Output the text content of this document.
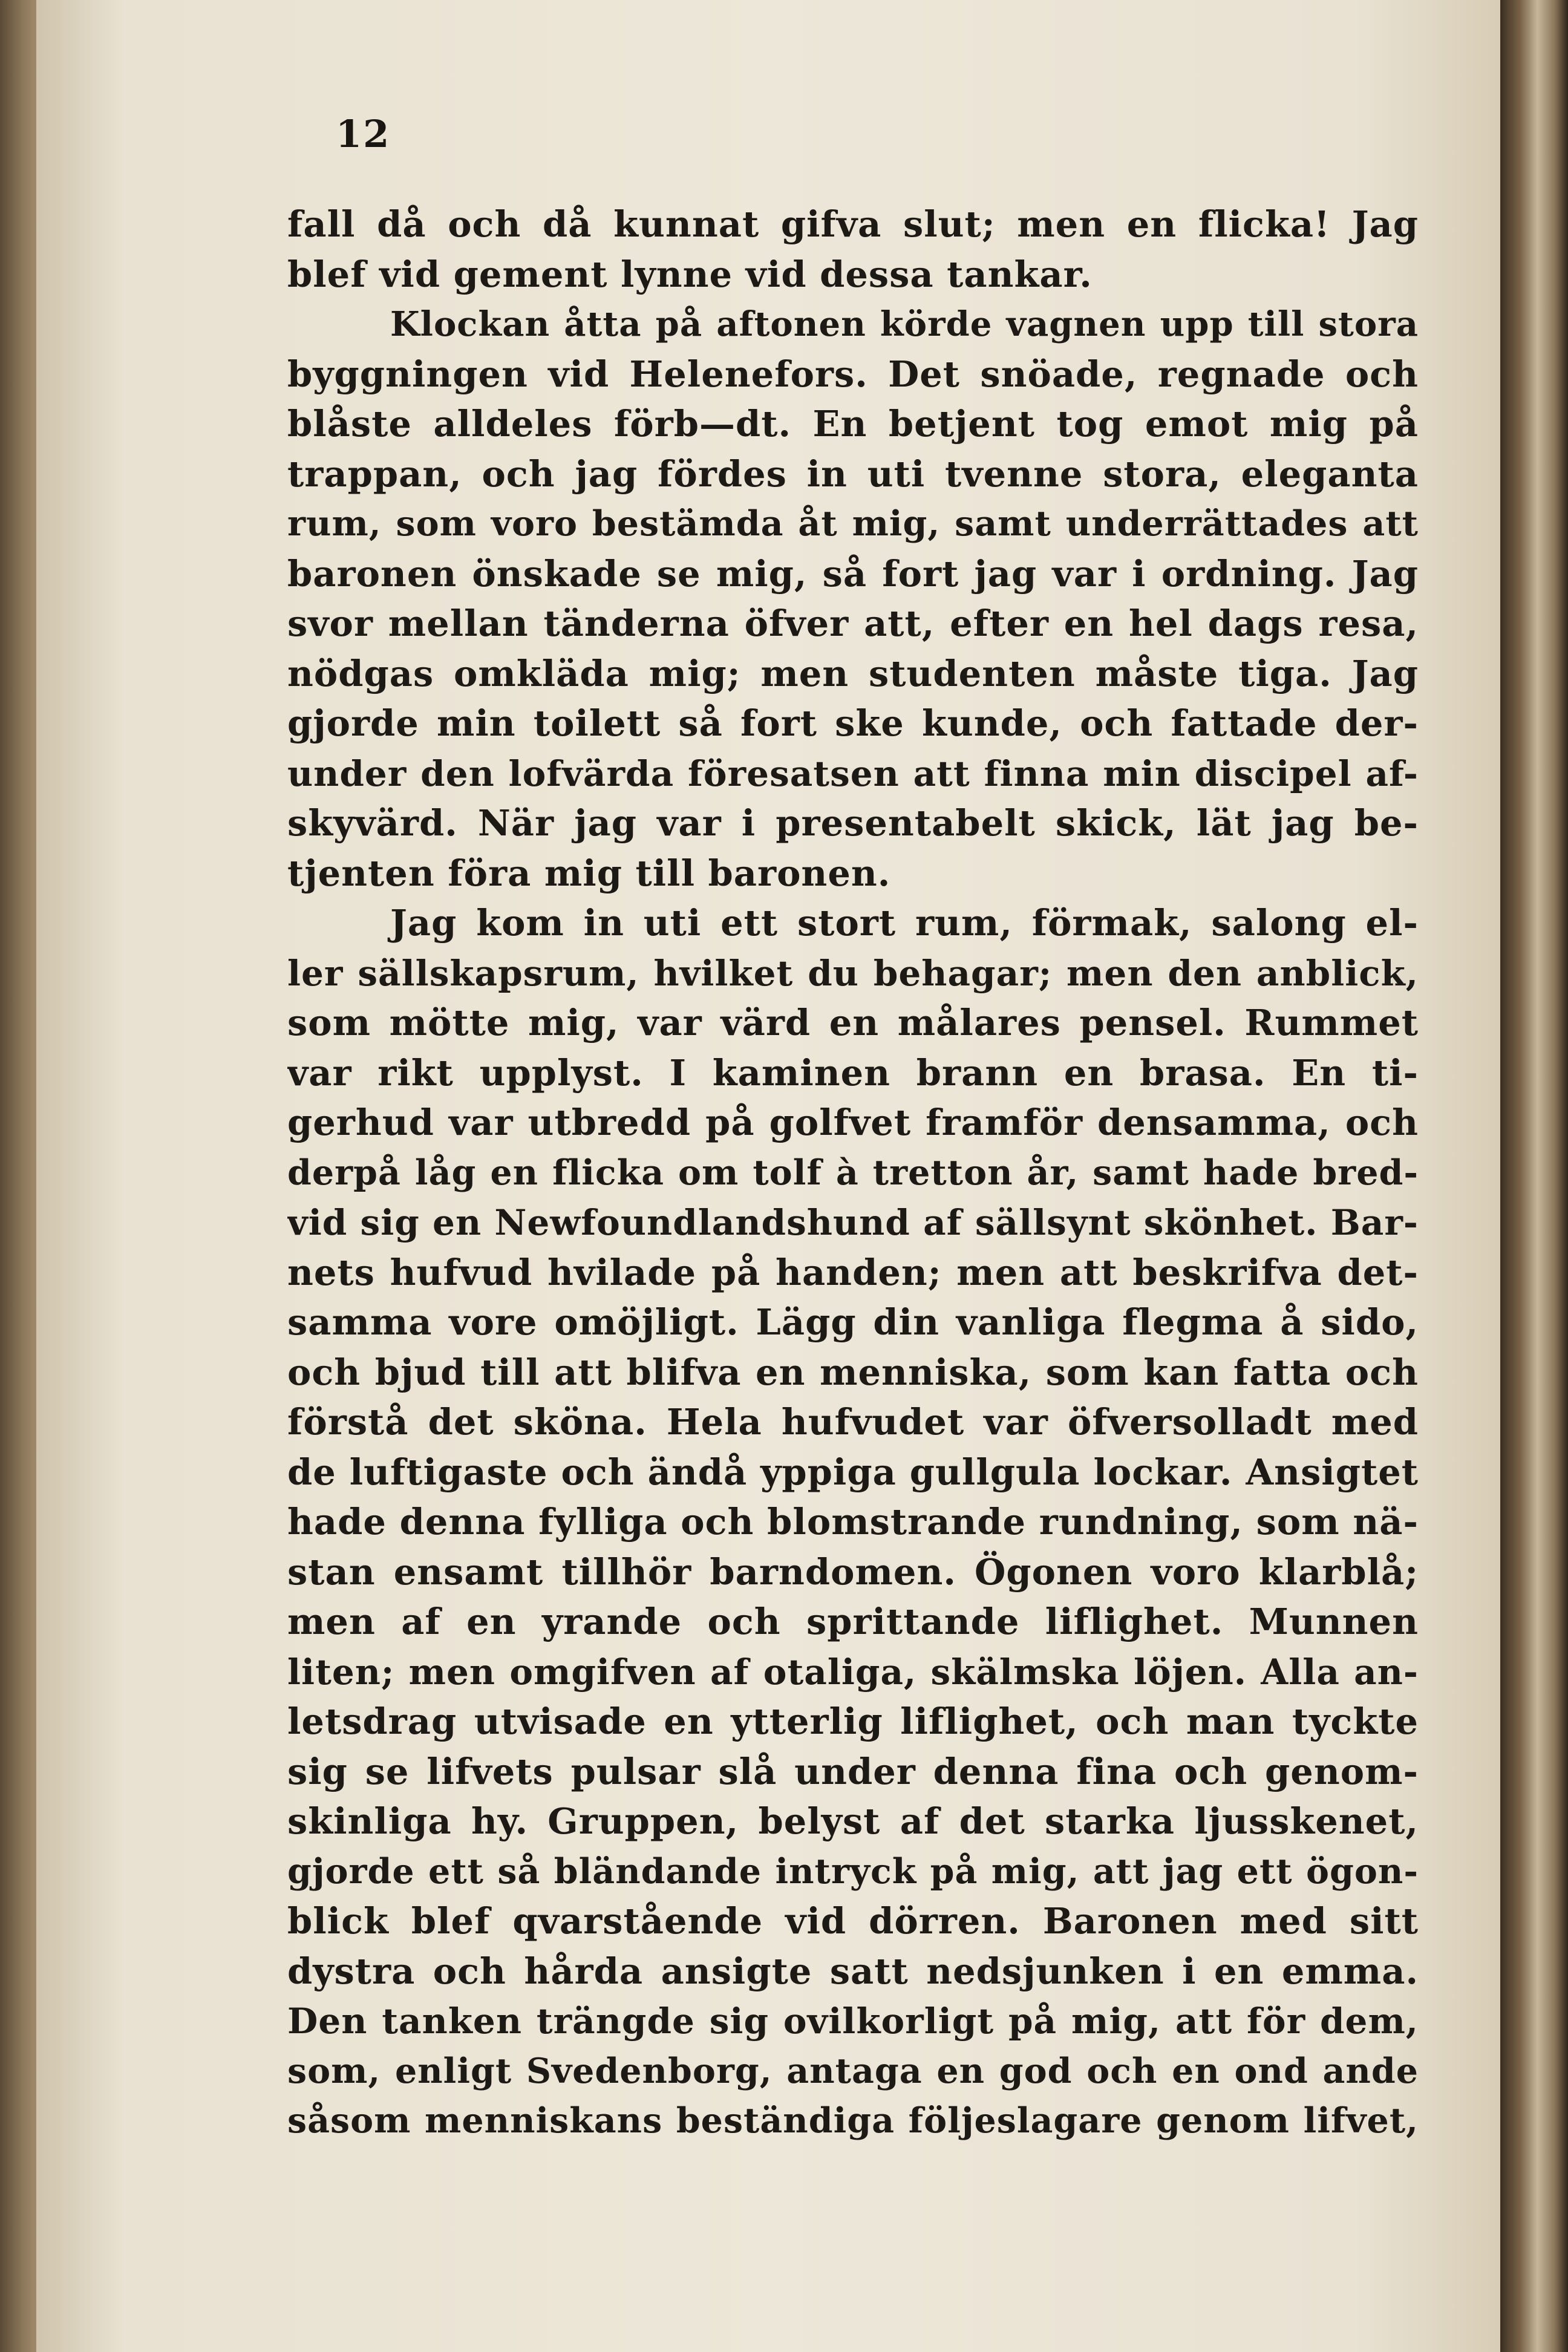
12
fall då och då kunnat gifva slut; men en flicka! Jag
blef vid gement lynne vid dessa tankar.
Klockan åtta på aftonen körde vagnen upp till stora
byggningen vid Helenefors. Det snöade, regnade och
blåste alldeles förb—dt. En betjent tog emot mig på
trappan, och jag fördes in uti tvenne stora, eleganta
rum, som voro bestämda åt mig, samt underrättades att
baronen önskade se mig, så fort jag var i ordning. Jag
svor mellan tänderna öfver att, efter en hel dags resa,
nödgas omkläda mig; men studenten måste tiga. Jag
gjorde min toilett så fort ske kunde, och fattade der-
under den lofvärda föresatsen att finna min discipel af-
skyvärd. När jag var i presentabelt skick, lät jag be-
tjenten föra mig till baronen.
Jag kom in uti ett stort rum, förmak, salong el-
ler sällskapsrum, hvilket du behagar; men den anblick,
som mötte mig, var värd en målares pensel. Rummet
var rikt upplyst. I kaminen brann en brasa. En ti-
gerhud var utbredd på golfvet framför densamma, och
derpå låg en flicka om tolf à tretton år, samt hade bred-
vid sig en Newfoundlandshund af sällsynt skönhet. Bar-
nets hufvud hvilade på handen; men att beskrifva det-
samma vore omöjligt. Lägg din vanliga flegma å sido,
och bjud till att blifva en menniska, som kan fatta och
förstå det sköna. Hela hufvudet var öfversolladt med
de luftigaste och ändå yppiga gullgula lockar. Ansigtet
hade denna fylliga och blomstrande rundning, som nä-
stan ensamt tillhör barndomen. Ögonen voro klarblå;
men af en yrande och sprittande liflighet. Munnen
liten; men omgifven af otaliga, skälmska löjen. Alla an-
letsdrag utvisade en ytterlig liflighet, och man tyckte
sig se lifvets pulsar slå under denna fina och genom-
skinliga hy. Gruppen, belyst af det starka ljusskenet,
gjorde ett så bländande intryck på mig, att jag ett ögon-
blick blef qvarstående vid dörren. Baronen med sitt
dystra och hårda ansigte satt nedsjunken i en emma.
Den tanken trängde sig ovilkorligt på mig, att för dem,
som, enligt Svedenborg, antaga en god och en ond ande
såsom menniskans beständiga följeslagare genom lifvet,
